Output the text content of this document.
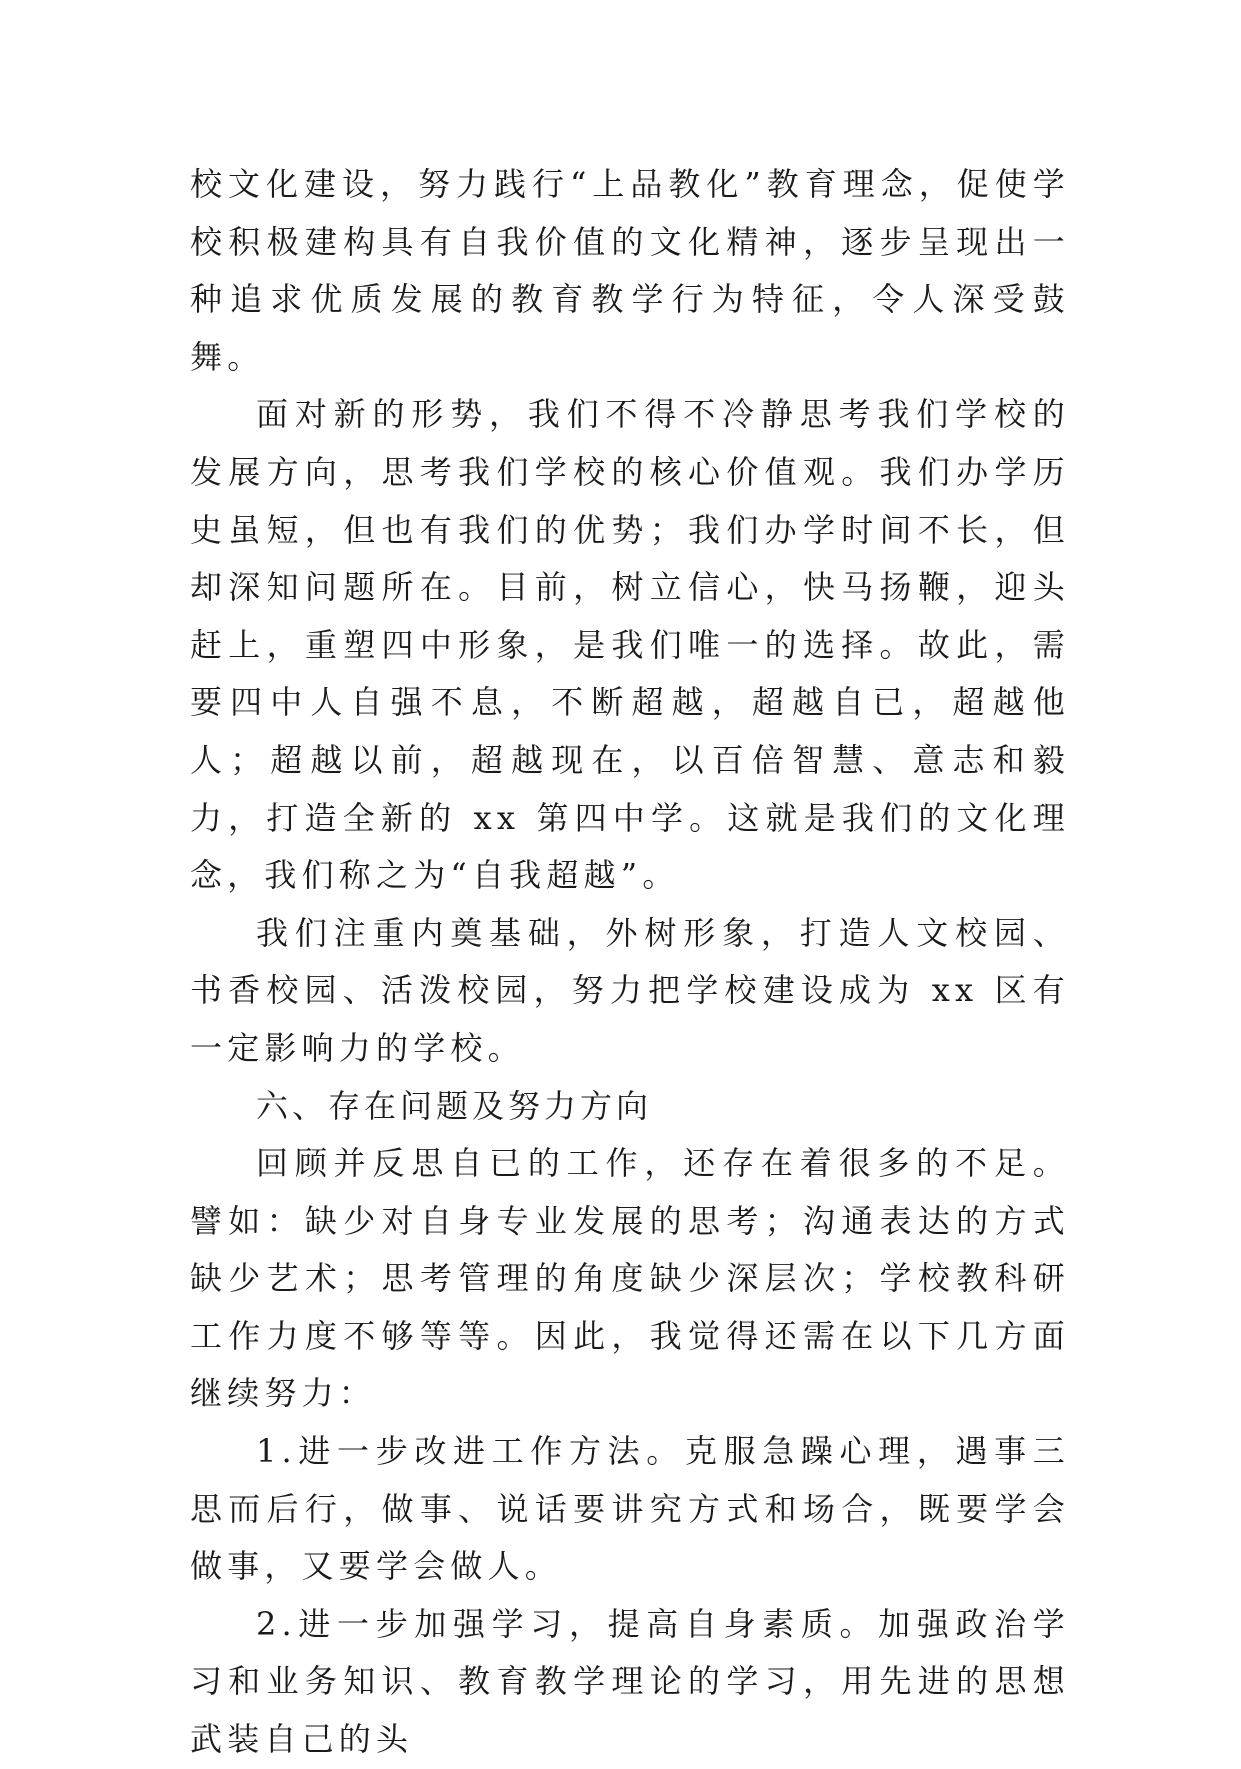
校文化建设，努力践行“上品教化”教育理念，促使学校积极建构具有自我价值的文化精神，逐步呈现出一种追求优质发展的教育教学行为特征，令人深受鼓舞。

面对新的形势，我们不得不冷静思考我们学校的发展方向，思考我们学校的核心价值观。我们办学历史虽短，但也有我们的优势；我们办学时间不长，但却深知问题所在。目前，树立信心，快马扬鞭，迎头赶上，重塑四中形象，是我们唯一的选择。故此，需要四中人自强不息，不断超越，超越自已，超越他人；超越以前，超越现在，以百倍智慧、意志和毅力，打造全新的 xx 第四中学。这就是我们的文化理念，我们称之为“自我超越”。

我们注重内奠基础，外树形象，打造人文校园、书香校园、活泼校园，努力把学校建设成为 xx 区有一定影响力的学校。

六、存在问题及努力方向

回顾并反思自已的工作，还存在着很多的不足。譬如：缺少对自身专业发展的思考；沟通表达的方式缺少艺术；思考管理的角度缺少深层次；学校教科研工作力度不够等等。因此，我觉得还需在以下几方面继续努力：

1.进一步改进工作方法。克服急躁心理，遇事三思而后行，做事、说话要讲究方式和场合，既要学会做事，又要学会做人。

2.进一步加强学习，提高自身素质。加强政治学习和业务知识、教育教学理论的学习，用先进的思想武装自己的头
